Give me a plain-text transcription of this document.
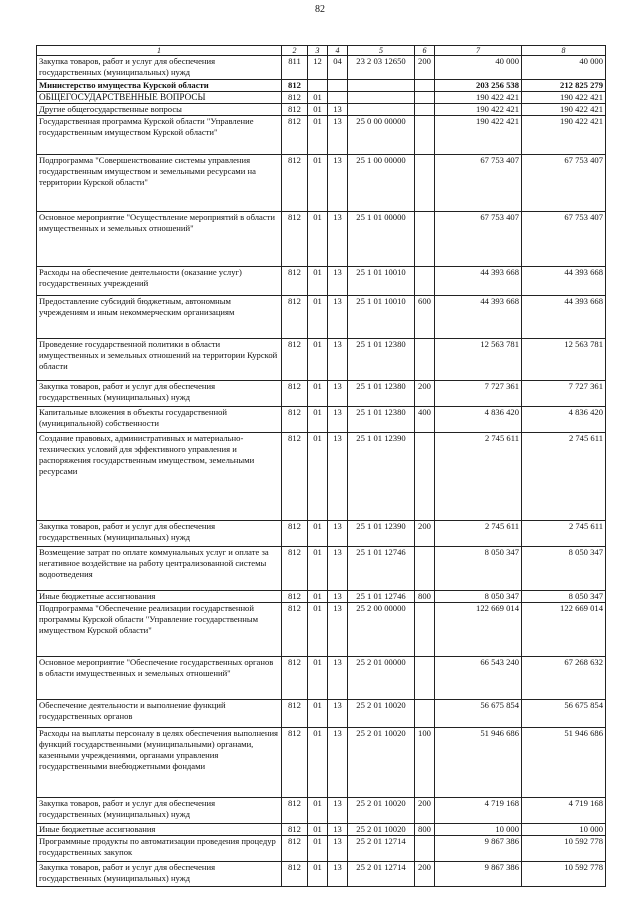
82
1	2	3	4	5	6	7	8
Закупка товаров, работ и услуг для обеспечения государственных (муниципальных) нужд	811	12	04	23 2 03 12650	200	40 000	40 000
Министерство имущества Курской области	812					203 256 538	212 825 279
ОБЩЕГОСУДАРСТВЕННЫЕ ВОПРОСЫ	812	01				190 422 421	190 422 421
Другие общегосударственные вопросы	812	01	13			190 422 421	190 422 421
Государственная программа Курской области "Управление государственным имуществом Курской области"	812	01	13	25 0 00 00000		190 422 421	190 422 421
Подпрограмма "Совершенствование системы управления государственным имуществом и земельными ресурсами на территории Курской области"	812	01	13	25 1 00 00000		67 753 407	67 753 407
Основное мероприятие "Осуществление мероприятий в области имущественных и земельных отношений"	812	01	13	25 1 01 00000		67 753 407	67 753 407
Расходы на обеспечение деятельности (оказание услуг) государственных учреждений	812	01	13	25 1 01 10010		44 393 668	44 393 668
Предоставление субсидий бюджетным, автономным учреждениям и иным некоммерческим организациям	812	01	13	25 1 01 10010	600	44 393 668	44 393 668
Проведение государственной политики в области имущественных и земельных отношений на территории Курской области	812	01	13	25 1 01 12380		12 563 781	12 563 781
Закупка товаров, работ и услуг для обеспечения государственных (муниципальных) нужд	812	01	13	25 1 01 12380	200	7 727 361	7 727 361
Капитальные вложения в объекты государственной (муниципальной) собственности	812	01	13	25 1 01 12380	400	4 836 420	4 836 420
Создание правовых, административных и материально-технических условий для эффективного управления и распоряжения государственным имуществом, земельными ресурсами	812	01	13	25 1 01 12390		2 745 611	2 745 611
Закупка товаров, работ и услуг для обеспечения государственных (муниципальных) нужд	812	01	13	25 1 01 12390	200	2 745 611	2 745 611
Возмещение затрат по оплате коммунальных услуг и оплате за негативное воздействие на работу централизованной системы водоотведения	812	01	13	25 1 01 12746		8 050 347	8 050 347
Иные бюджетные ассигнования	812	01	13	25 1 01 12746	800	8 050 347	8 050 347
Подпрограмма "Обеспечение реализации государственной программы Курской области "Управление государственным имуществом Курской области"	812	01	13	25 2 00 00000		122 669 014	122 669 014
Основное мероприятие "Обеспечение государственных органов в области имущественных и земельных отношений"	812	01	13	25 2 01 00000		66 543 240	67 268 632
Обеспечение деятельности и выполнение функций государственных органов	812	01	13	25 2 01 10020		56 675 854	56 675 854
Расходы на выплаты персоналу в целях обеспечения выполнения функций государственными (муниципальными) органами, казенными учреждениями, органами управления государственными внебюджетными фондами	812	01	13	25 2 01 10020	100	51 946 686	51 946 686
Закупка товаров, работ и услуг для обеспечения государственных (муниципальных) нужд	812	01	13	25 2 01 10020	200	4 719 168	4 719 168
Иные бюджетные ассигнования	812	01	13	25 2 01 10020	800	10 000	10 000
Программные продукты по автоматизации проведения процедур государственных закупок	812	01	13	25 2 01 12714		9 867 386	10 592 778
Закупка товаров, работ и услуг для обеспечения государственных (муниципальных) нужд	812	01	13	25 2 01 12714	200	9 867 386	10 592 778
